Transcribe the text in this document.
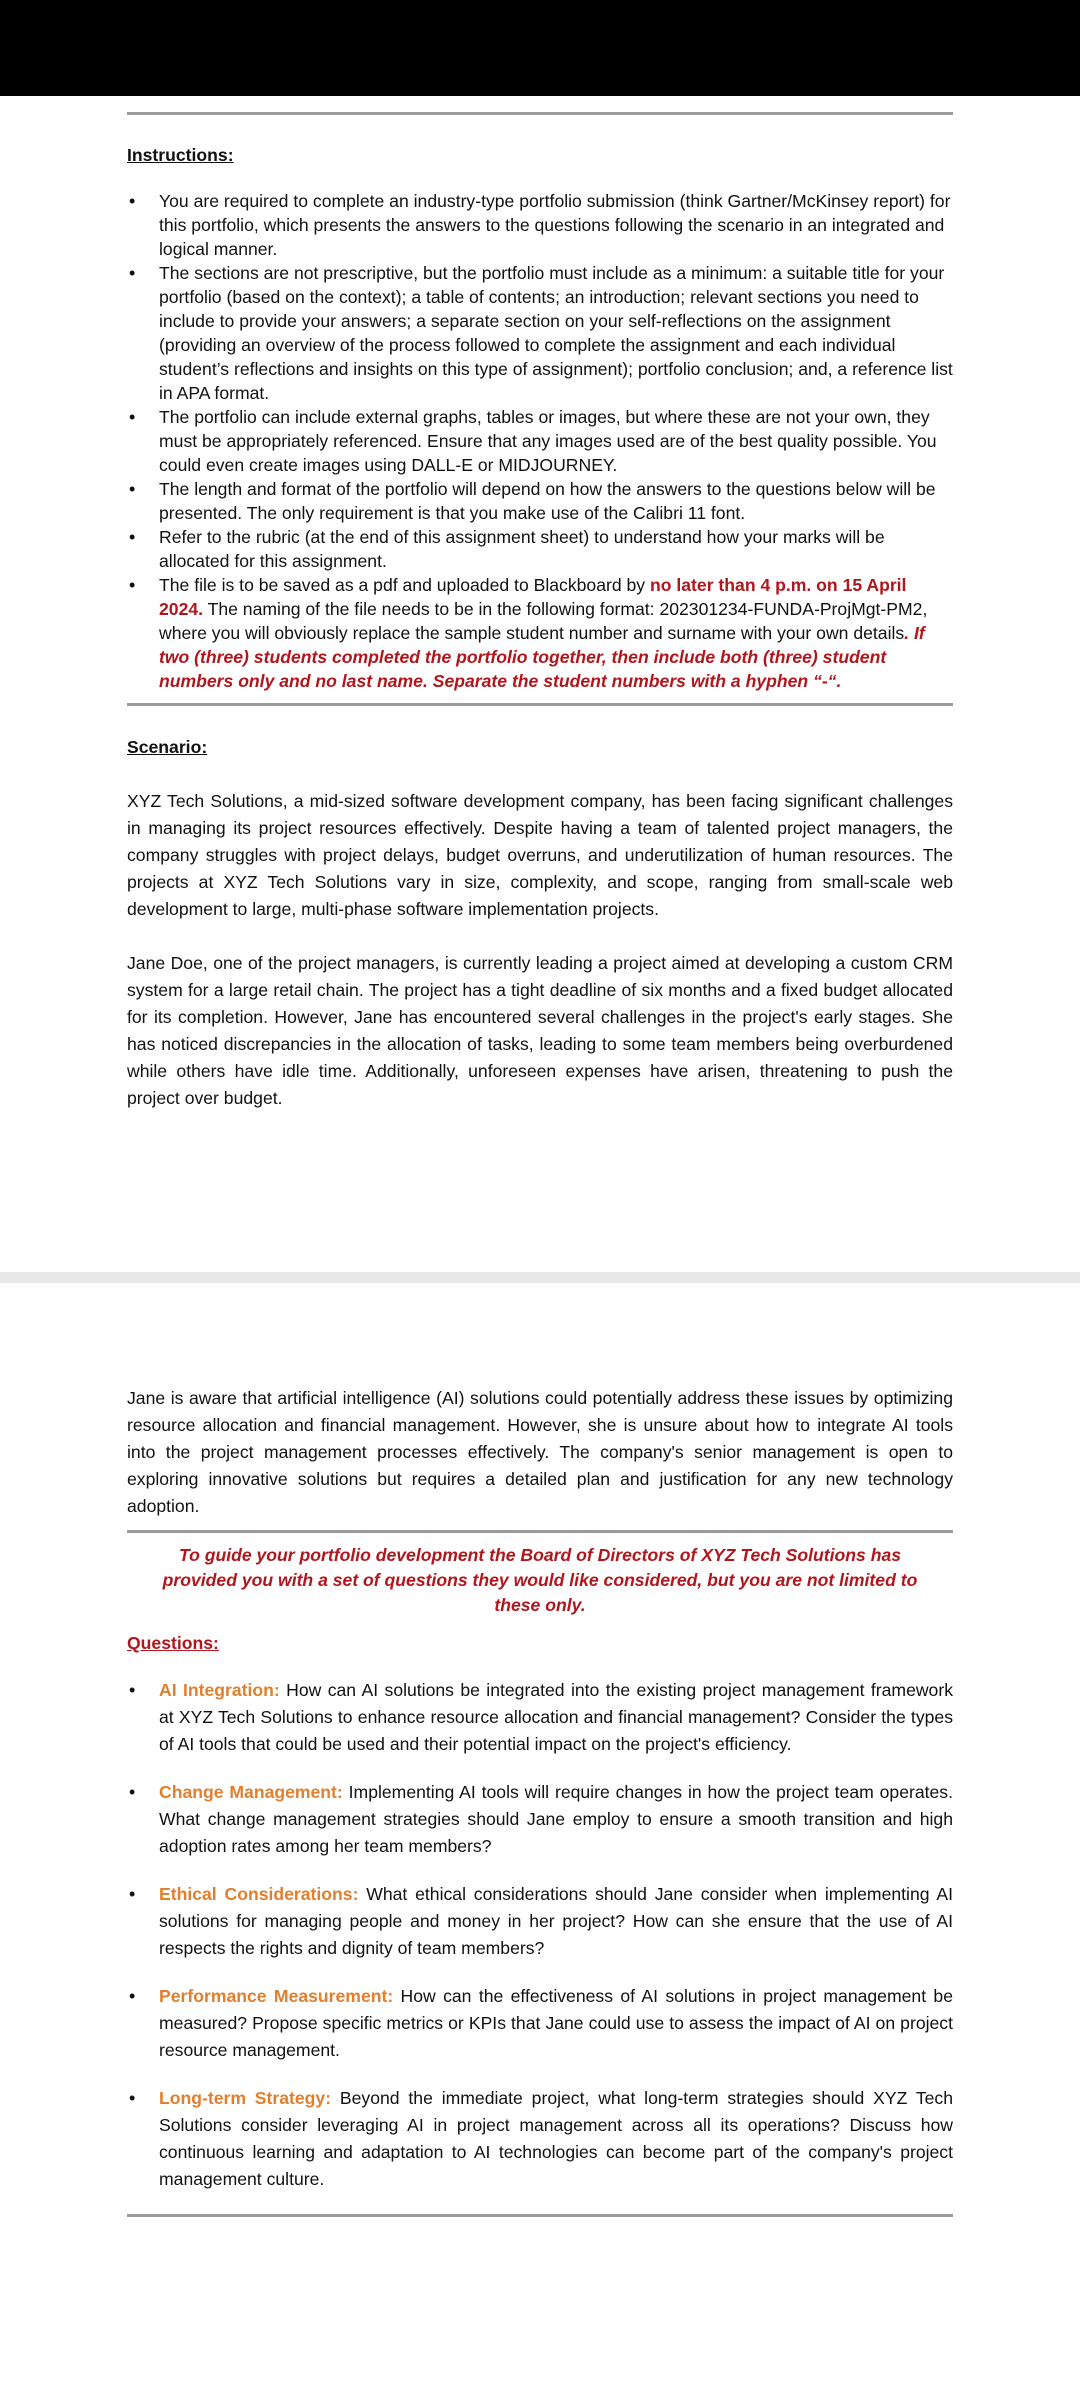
Instructions:

• You are required to complete an industry-type portfolio submission (think Gartner/McKinsey report) for this portfolio, which presents the answers to the questions following the scenario in an integrated and logical manner.
• The sections are not prescriptive, but the portfolio must include as a minimum: a suitable title for your portfolio (based on the context); a table of contents; an introduction; relevant sections you need to include to provide your answers; a separate section on your self-reflections on the assignment (providing an overview of the process followed to complete the assignment and each individual student’s reflections and insights on this type of assignment); portfolio conclusion; and, a reference list in APA format.
• The portfolio can include external graphs, tables or images, but where these are not your own, they must be appropriately referenced. Ensure that any images used are of the best quality possible. You could even create images using DALL-E or MIDJOURNEY.
• The length and format of the portfolio will depend on how the answers to the questions below will be presented. The only requirement is that you make use of the Calibri 11 font.
• Refer to the rubric (at the end of this assignment sheet) to understand how your marks will be allocated for this assignment.
• The file is to be saved as a pdf and uploaded to Blackboard by no later than 4 p.m. on 15 April 2024. The naming of the file needs to be in the following format: 202301234-FUNDA-ProjMgt-PM2, where you will obviously replace the sample student number and surname with your own details. If two (three) students completed the portfolio together, then include both (three) student numbers only and no last name. Separate the student numbers with a hyphen “-“.

Scenario:

XYZ Tech Solutions, a mid-sized software development company, has been facing significant challenges in managing its project resources effectively. Despite having a team of talented project managers, the company struggles with project delays, budget overruns, and underutilization of human resources. The projects at XYZ Tech Solutions vary in size, complexity, and scope, ranging from small-scale web development to large, multi-phase software implementation projects.

Jane Doe, one of the project managers, is currently leading a project aimed at developing a custom CRM system for a large retail chain. The project has a tight deadline of six months and a fixed budget allocated for its completion. However, Jane has encountered several challenges in the project's early stages. She has noticed discrepancies in the allocation of tasks, leading to some team members being overburdened while others have idle time. Additionally, unforeseen expenses have arisen, threatening to push the project over budget.

Jane is aware that artificial intelligence (AI) solutions could potentially address these issues by optimizing resource allocation and financial management. However, she is unsure about how to integrate AI tools into the project management processes effectively. The company's senior management is open to exploring innovative solutions but requires a detailed plan and justification for any new technology adoption.

To guide your portfolio development the Board of Directors of XYZ Tech Solutions has provided you with a set of questions they would like considered, but you are not limited to these only.

Questions:

• AI Integration: How can AI solutions be integrated into the existing project management framework at XYZ Tech Solutions to enhance resource allocation and financial management? Consider the types of AI tools that could be used and their potential impact on the project's efficiency.
• Change Management: Implementing AI tools will require changes in how the project team operates. What change management strategies should Jane employ to ensure a smooth transition and high adoption rates among her team members?
• Ethical Considerations: What ethical considerations should Jane consider when implementing AI solutions for managing people and money in her project? How can she ensure that the use of AI respects the rights and dignity of team members?
• Performance Measurement: How can the effectiveness of AI solutions in project management be measured? Propose specific metrics or KPIs that Jane could use to assess the impact of AI on project resource management.
• Long-term Strategy: Beyond the immediate project, what long-term strategies should XYZ Tech Solutions consider leveraging AI in project management across all its operations? Discuss how continuous learning and adaptation to AI technologies can become part of the company's project management culture.
